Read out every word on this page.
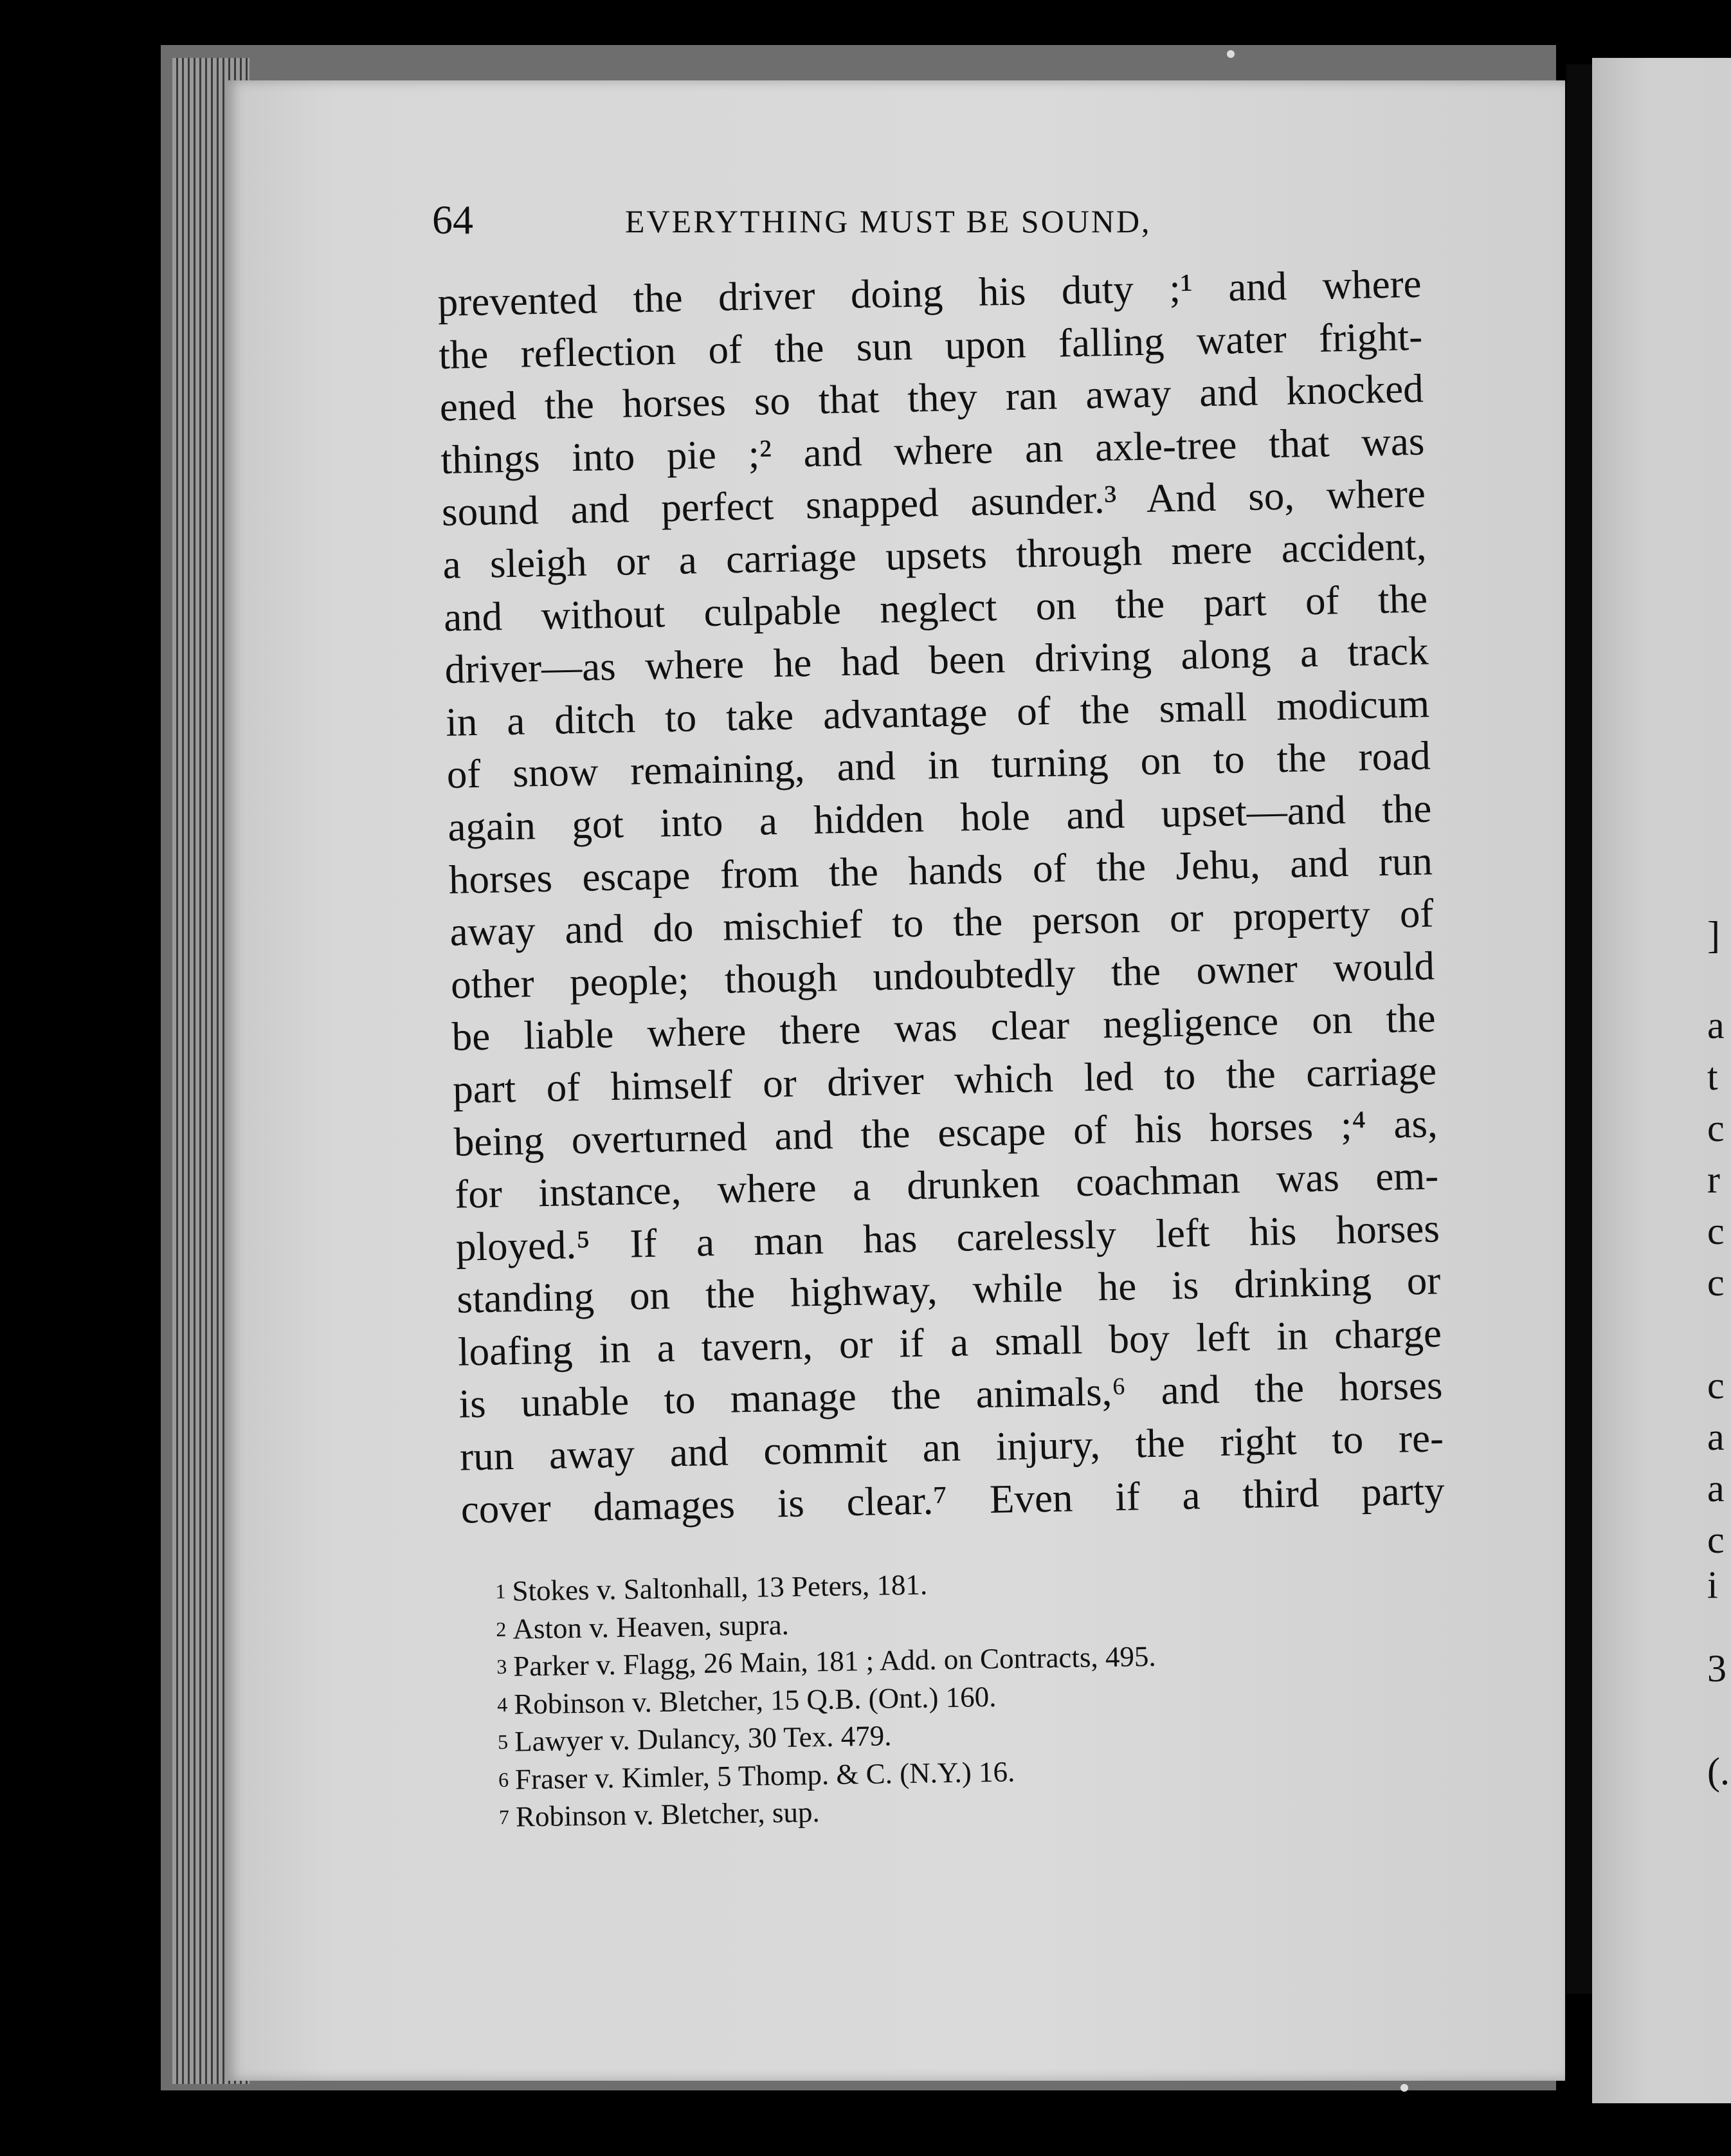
]
a
t
c
r
c
c
c
a
a
c
i
3
(.
64	EVERYTHING MUST BE SOUND,
prevented the driver doing his duty ;¹ and where
the reflection of the sun upon falling water fright-
ened the horses so that they ran away and knocked
things into pie ;² and where an axle-tree that was
sound and perfect snapped asunder.³ And so, where
a sleigh or a carriage upsets through mere accident,
and without culpable neglect on the part of the
driver—as where he had been driving along a track
in a ditch to take advantage of the small modicum
of snow remaining, and in turning on to the road
again got into a hidden hole and upset—and the
horses escape from the hands of the Jehu, and run
away and do mischief to the person or property of
other people; though undoubtedly the owner would
be liable where there was clear negligence on the
part of himself or driver which led to the carriage
being overturned and the escape of his horses ;⁴ as,
for instance, where a drunken coachman was em-
ployed.⁵ If a man has carelessly left his horses
standing on the highway, while he is drinking or
loafing in a tavern, or if a small boy left in charge
is unable to manage the animals,⁶ and the horses
run away and commit an injury, the right to re-
cover damages is clear.⁷ Even if a third party
1 Stokes v. Saltonhall, 13 Peters, 181.
2 Aston v. Heaven, supra.
3 Parker v. Flagg, 26 Main, 181 ; Add. on Contracts, 495.
4 Robinson v. Bletcher, 15 Q.B. (Ont.) 160.
5 Lawyer v. Dulancy, 30 Tex. 479.
6 Fraser v. Kimler, 5 Thomp. & C. (N.Y.) 16.
7 Robinson v. Bletcher, sup.
